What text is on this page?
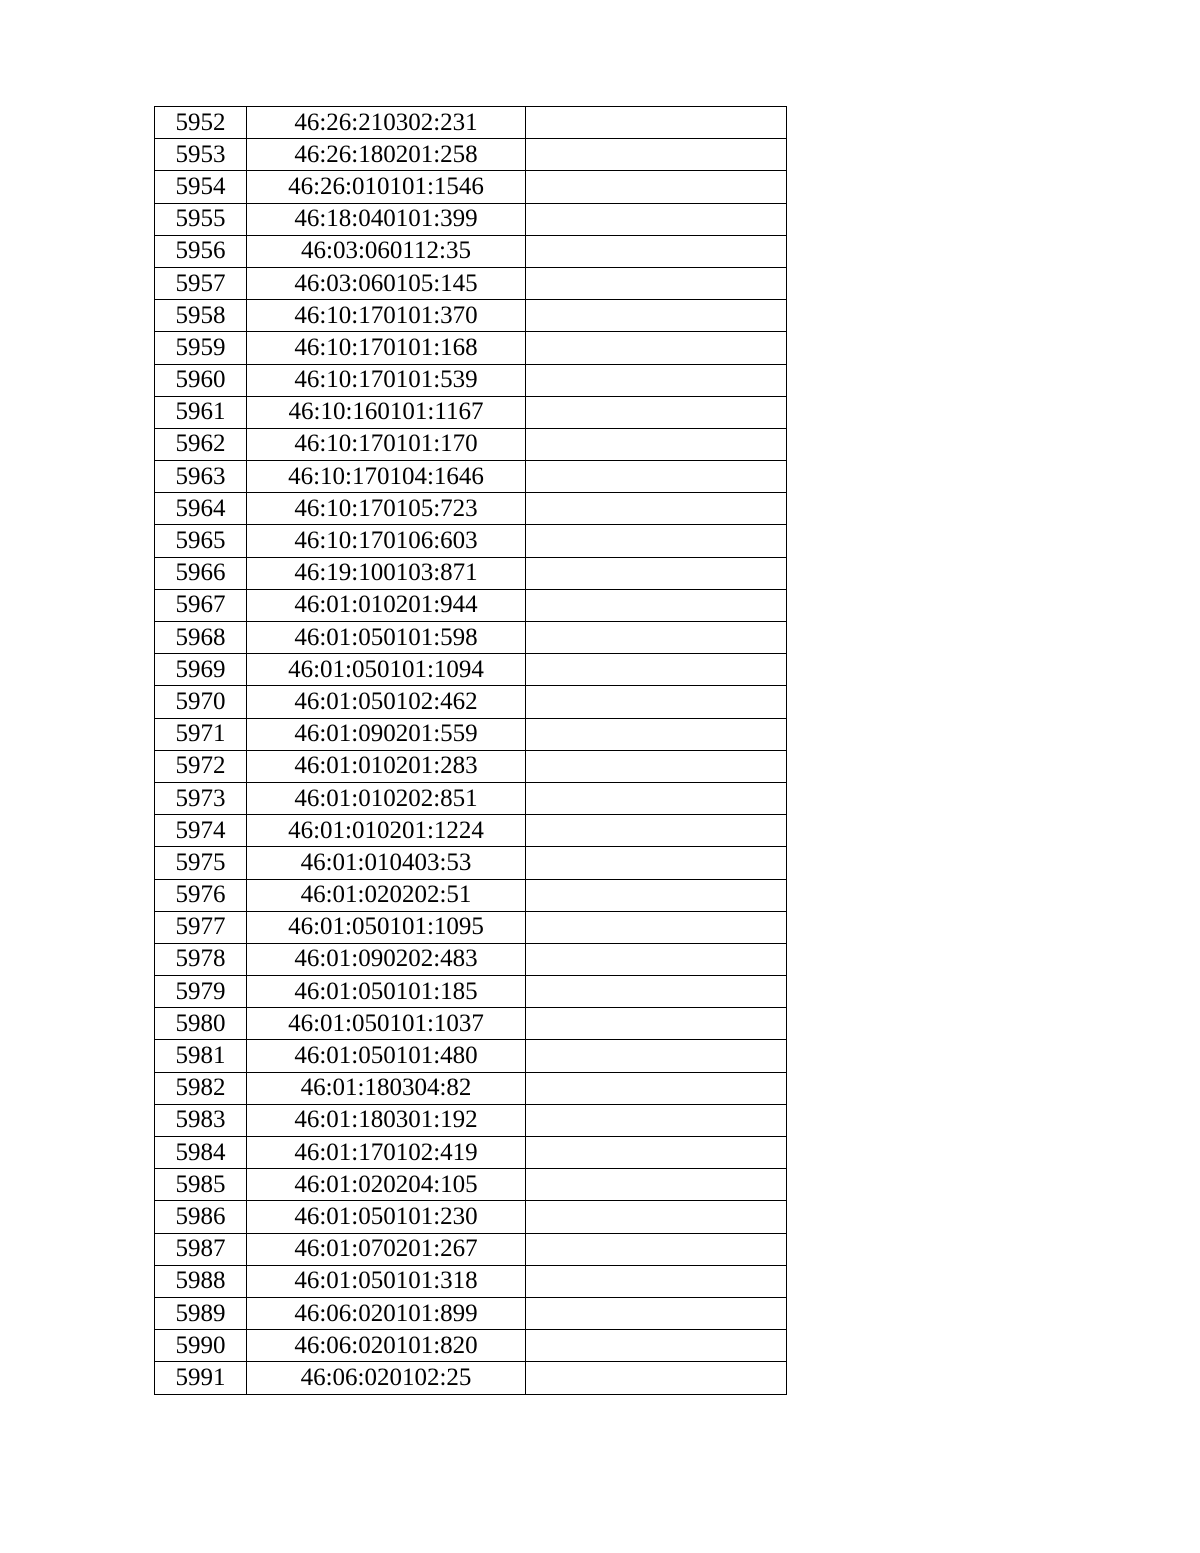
5952	46:26:210302:231	
5953	46:26:180201:258	
5954	46:26:010101:1546	
5955	46:18:040101:399	
5956	46:03:060112:35	
5957	46:03:060105:145	
5958	46:10:170101:370	
5959	46:10:170101:168	
5960	46:10:170101:539	
5961	46:10:160101:1167	
5962	46:10:170101:170	
5963	46:10:170104:1646	
5964	46:10:170105:723	
5965	46:10:170106:603	
5966	46:19:100103:871	
5967	46:01:010201:944	
5968	46:01:050101:598	
5969	46:01:050101:1094	
5970	46:01:050102:462	
5971	46:01:090201:559	
5972	46:01:010201:283	
5973	46:01:010202:851	
5974	46:01:010201:1224	
5975	46:01:010403:53	
5976	46:01:020202:51	
5977	46:01:050101:1095	
5978	46:01:090202:483	
5979	46:01:050101:185	
5980	46:01:050101:1037	
5981	46:01:050101:480	
5982	46:01:180304:82	
5983	46:01:180301:192	
5984	46:01:170102:419	
5985	46:01:020204:105	
5986	46:01:050101:230	
5987	46:01:070201:267	
5988	46:01:050101:318	
5989	46:06:020101:899	
5990	46:06:020101:820	
5991	46:06:020102:25	
